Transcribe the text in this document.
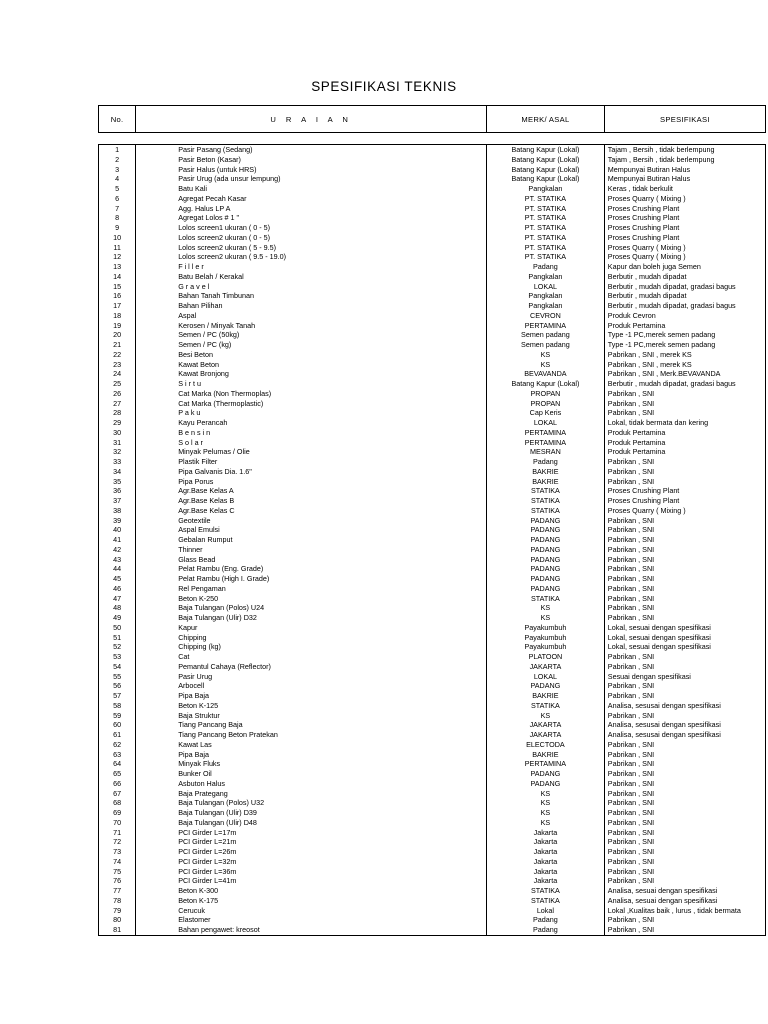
SPESIFIKASI TEKNIS
No.	U R A I A N	MERK/ ASAL	SPESIFIKASI
1	Pasir Pasang (Sedang)	Batang Kapur (Lokal)	Tajam , Bersih , tidak berlempung
2	Pasir Beton (Kasar)	Batang Kapur (Lokal)	Tajam , Bersih , tidak berlempung
3	Pasir Halus (untuk HRS)	Batang Kapur (Lokal)	Mempunyai Butiran Halus
4	Pasir Urug (ada unsur lempung)	Batang Kapur (Lokal)	Mempunyai Butiran Halus
5	Batu Kali	Pangkalan	Keras , tidak berkulit
6	Agregat Pecah Kasar	PT. STATIKA	Proses Quarry ( Mixing )
7	Agg. Halus LP A	PT. STATIKA	Proses Crushing Plant
8	Agregat Lolos # 1 "	PT. STATIKA	Proses Crushing Plant
9	Lolos screen1 ukuran ( 0 - 5)	PT. STATIKA	Proses Crushing Plant
10	Lolos screen2 ukuran ( 0 - 5)	PT. STATIKA	Proses Crushing Plant
11	Lolos screen2 ukuran ( 5 - 9.5)	PT. STATIKA	Proses Quarry ( Mixing )
12	Lolos screen2 ukuran ( 9.5 - 19.0)	PT. STATIKA	Proses Quarry ( Mixing )
13	F i l l e r	Padang	Kapur dan boleh juga Semen
14	Batu Belah / Kerakal	Pangkalan	Berbutir , mudah dipadat
15	G r a v e l	LOKAL	Berbutir , mudah dipadat, gradasi bagus
16	Bahan Tanah Timbunan	Pangkalan	Berbutir , mudah dipadat
17	Bahan Pilihan	Pangkalan	Berbutir , mudah dipadat, gradasi bagus
18	Aspal	CEVRON	Produk Cevron
19	Kerosen / Minyak Tanah	PERTAMINA	Produk Pertamina
20	Semen / PC (50kg)	Semen padang	Type -1 PC,merek semen padang
21	Semen / PC (kg)	Semen padang	Type -1 PC,merek semen padang
22	Besi Beton	KS	Pabrikan , SNI , merek KS
23	Kawat Beton	KS	Pabrikan , SNI , merek KS
24	Kawat Bronjong	BEVAVANDA	Pabrikan , SNI , Merk.BEVAVANDA
25	S i r t u	Batang Kapur (Lokal)	Berbutir , mudah dipadat, gradasi bagus
26	Cat Marka (Non Thermoplas)	PROPAN	Pabrikan , SNI
27	Cat Marka (Thermoplastic)	PROPAN	Pabrikan , SNI
28	P a k u	Cap Keris	Pabrikan , SNI
29	Kayu Perancah	LOKAL	Lokal, tidak bermata dan kering
30	B e n s i n	PERTAMINA	Produk Pertamina
31	S o l a r	PERTAMINA	Produk Pertamina
32	Minyak Pelumas / Olie	MESRAN	Produk Pertamina
33	Plastik Filter	Padang	Pabrikan , SNI
34	Pipa Galvanis Dia. 1.6"	BAKRIE	Pabrikan , SNI
35	Pipa Porus	BAKRIE	Pabrikan , SNI
36	Agr.Base Kelas A	STATIKA	Proses Crushing Plant
37	Agr.Base Kelas B	STATIKA	Proses Crushing Plant
38	Agr.Base Kelas C	STATIKA	Proses Quarry ( Mixing )
39	Geotextile	PADANG	Pabrikan , SNI
40	Aspal Emulsi	PADANG	Pabrikan , SNI
41	Gebalan Rumput	PADANG	Pabrikan , SNI
42	Thinner	PADANG	Pabrikan , SNI
43	Glass Bead	PADANG	Pabrikan , SNI
44	Pelat Rambu (Eng. Grade)	PADANG	Pabrikan , SNI
45	Pelat Rambu (High I. Grade)	PADANG	Pabrikan , SNI
46	Rel Pengaman	PADANG	Pabrikan , SNI
47	Beton K-250	STATIKA	Pabrikan , SNI
48	Baja Tulangan (Polos) U24	KS	Pabrikan , SNI
49	Baja Tulangan (Ulir) D32	KS	Pabrikan , SNI
50	Kapur	Payakumbuh	Lokal, sesuai dengan spesifikasi
51	Chipping	Payakumbuh	Lokal, sesuai dengan spesifikasi
52	Chipping (kg)	Payakumbuh	Lokal, sesuai dengan spesifikasi
53	Cat	PLATOON	Pabrikan , SNI
54	Pemantul Cahaya (Reflector)	JAKARTA	Pabrikan , SNI
55	Pasir Urug	LOKAL	Sesuai dengan spesifikasi
56	Arbocell	PADANG	Pabrikan , SNI
57	Pipa Baja	BAKRIE	Pabrikan , SNI
58	Beton K-125	STATIKA	Analisa, sesusai dengan spesifikasi
59	Baja Struktur	KS	Pabrikan , SNI
60	Tiang Pancang Baja	JAKARTA	Analisa, sesusai dengan spesifikasi
61	Tiang Pancang Beton Pratekan	JAKARTA	Analisa, sesusai dengan spesifikasi
62	Kawat Las	ELECTODA	Pabrikan , SNI
63	Pipa Baja	BAKRIE	Pabrikan , SNI
64	Minyak Fluks	PERTAMINA	Pabrikan , SNI
65	Bunker Oil	PADANG	Pabrikan , SNI
66	Asbuton Halus	PADANG	Pabrikan , SNI
67	Baja Prategang	KS	Pabrikan , SNI
68	Baja Tulangan (Polos) U32	KS	Pabrikan , SNI
69	Baja Tulangan (Ulir) D39	KS	Pabrikan , SNI
70	Baja Tulangan (Ulir) D48	KS	Pabrikan , SNI
71	PCI Girder L=17m	Jakarta	Pabrikan , SNI
72	PCI Girder L=21m	Jakarta	Pabrikan , SNI
73	PCI Girder L=26m	Jakarta	Pabrikan , SNI
74	PCI Girder L=32m	Jakarta	Pabrikan , SNI
75	PCI Girder L=36m	Jakarta	Pabrikan , SNI
76	PCI Girder L=41m	Jakarta	Pabrikan , SNI
77	Beton K-300	STATIKA	Analisa, sesuai dengan spesifikasi
78	Beton K-175	STATIKA	Analisa, sesuai dengan spesifikasi
79	Cerucuk	Lokal	Lokal ,Kualitas baik , lurus , tidak bermata
80	Elastomer	Padang	Pabrikan , SNI
81	Bahan pengawet: kreosot	Padang	Pabrikan , SNI
